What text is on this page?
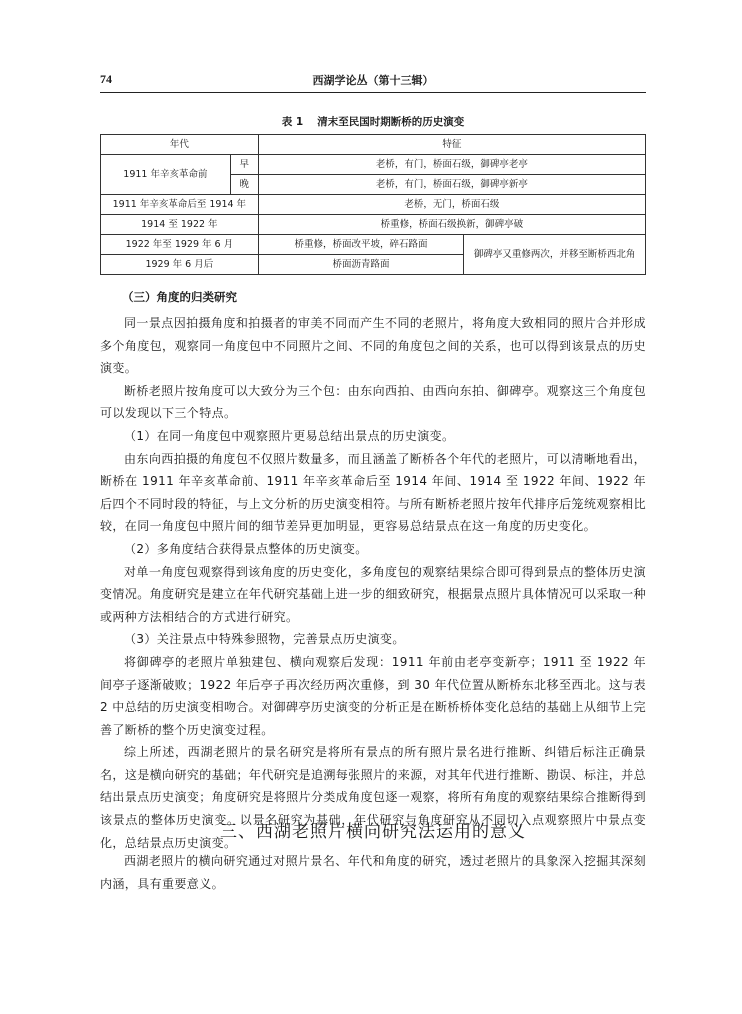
74	西湖学论丛（第十三辑）
表 1 清末至民国时期断桥的历史演变
年代		特征	
1911 年辛亥革命前	早	老桥，有门，桥面石级，御碑亭老亭	
	晚	老桥，有门，桥面石级，御碑亭新亭	
1911 年辛亥革命后至 1914 年		老桥，无门，桥面石级	
1914 至 1922 年		桥重修，桥面石级换新，御碑亭破	
1922 年至 1929 年 6 月		桥重修，桥面改平坡，碎石路面	御碑亭又重修两次，并移至断桥西北角
1929 年 6 月后		桥面沥青路面	
（三）角度的归类研究

同一景点因拍摄角度和拍摄者的审美不同而产生不同的老照片，将角度大致相同的照片合并形成多个角度包，观察同一角度包中不同照片之间、不同的角度包之间的关系，也可以得到该景点的历史演变。

断桥老照片按角度可以大致分为三个包：由东向西拍、由西向东拍、御碑亭。观察这三个角度包可以发现以下三个特点。

（1）在同一角度包中观察照片更易总结出景点的历史演变。

由东向西拍摄的角度包不仅照片数量多，而且涵盖了断桥各个年代的老照片，可以清晰地看出，断桥在 1911 年辛亥革命前、1911 年辛亥革命后至 1914 年间、1914 至 1922 年间、1922 年后四个不同时段的特征，与上文分析的历史演变相符。与所有断桥老照片按年代排序后笼统观察相比较，在同一角度包中照片间的细节差异更加明显，更容易总结景点在这一角度的历史变化。

（2）多角度结合获得景点整体的历史演变。

对单一角度包观察得到该角度的历史变化，多角度包的观察结果综合即可得到景点的整体历史演变情况。角度研究是建立在年代研究基础上进一步的细致研究，根据景点照片具体情况可以采取一种或两种方法相结合的方式进行研究。

（3）关注景点中特殊参照物，完善景点历史演变。

将御碑亭的老照片单独建包、横向观察后发现：1911 年前由老亭变新亭；1911 至 1922 年间亭子逐渐破败；1922 年后亭子再次经历两次重修，到 30 年代位置从断桥东北移至西北。这与表 2 中总结的历史演变相吻合。对御碑亭历史演变的分析正是在断桥桥体变化总结的基础上从细节上完善了断桥的整个历史演变过程。

综上所述，西湖老照片的景名研究是将所有景点的所有照片景名进行推断、纠错后标注正确景名，这是横向研究的基础；年代研究是追溯每张照片的来源，对其年代进行推断、勘误、标注，并总结出景点历史演变；角度研究是将照片分类成角度包逐一观察，将所有角度的观察结果综合推断得到该景点的整体历史演变。以景名研究为基础，年代研究与角度研究从不同切入点观察照片中景点变化，总结景点历史演变。

三、西湖老照片横向研究法运用的意义

西湖老照片的横向研究通过对照片景名、年代和角度的研究，透过老照片的具象深入挖掘其深刻内涵，具有重要意义。
